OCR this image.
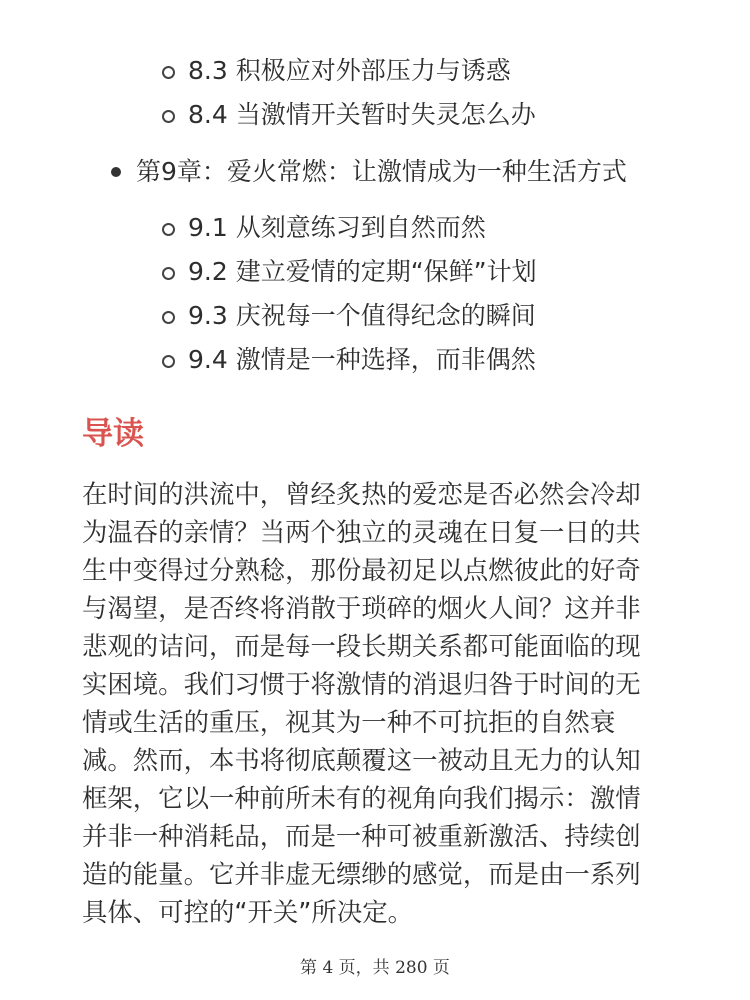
8.3 积极应对外部压力与诱惑
8.4 当激情开关暂时失灵怎么办
第9章：爱火常燃：让激情成为一种生活方式
9.1 从刻意练习到自然而然
9.2 建立爱情的定期“保鲜”计划
9.3 庆祝每一个值得纪念的瞬间
9.4 激情是一种选择，而非偶然
导读
在时间的洪流中，曾经炙热的爱恋是否必然会冷却
为温吞的亲情？当两个独立的灵魂在日复一日的共
生中变得过分熟稔，那份最初足以点燃彼此的好奇
与渴望，是否终将消散于琐碎的烟火人间？这并非
悲观的诘问，而是每一段长期关系都可能面临的现
实困境。我们习惯于将激情的消退归咎于时间的无
情或生活的重压，视其为一种不可抗拒的自然衰
减。然而，本书将彻底颠覆这一被动且无力的认知
框架，它以一种前所未有的视角向我们揭示：激情
并非一种消耗品，而是一种可被重新激活、持续创
造的能量。它并非虚无缥缈的感觉，而是由一系列
具体、可控的“开关”所决定。
第 4 页，共 280 页
